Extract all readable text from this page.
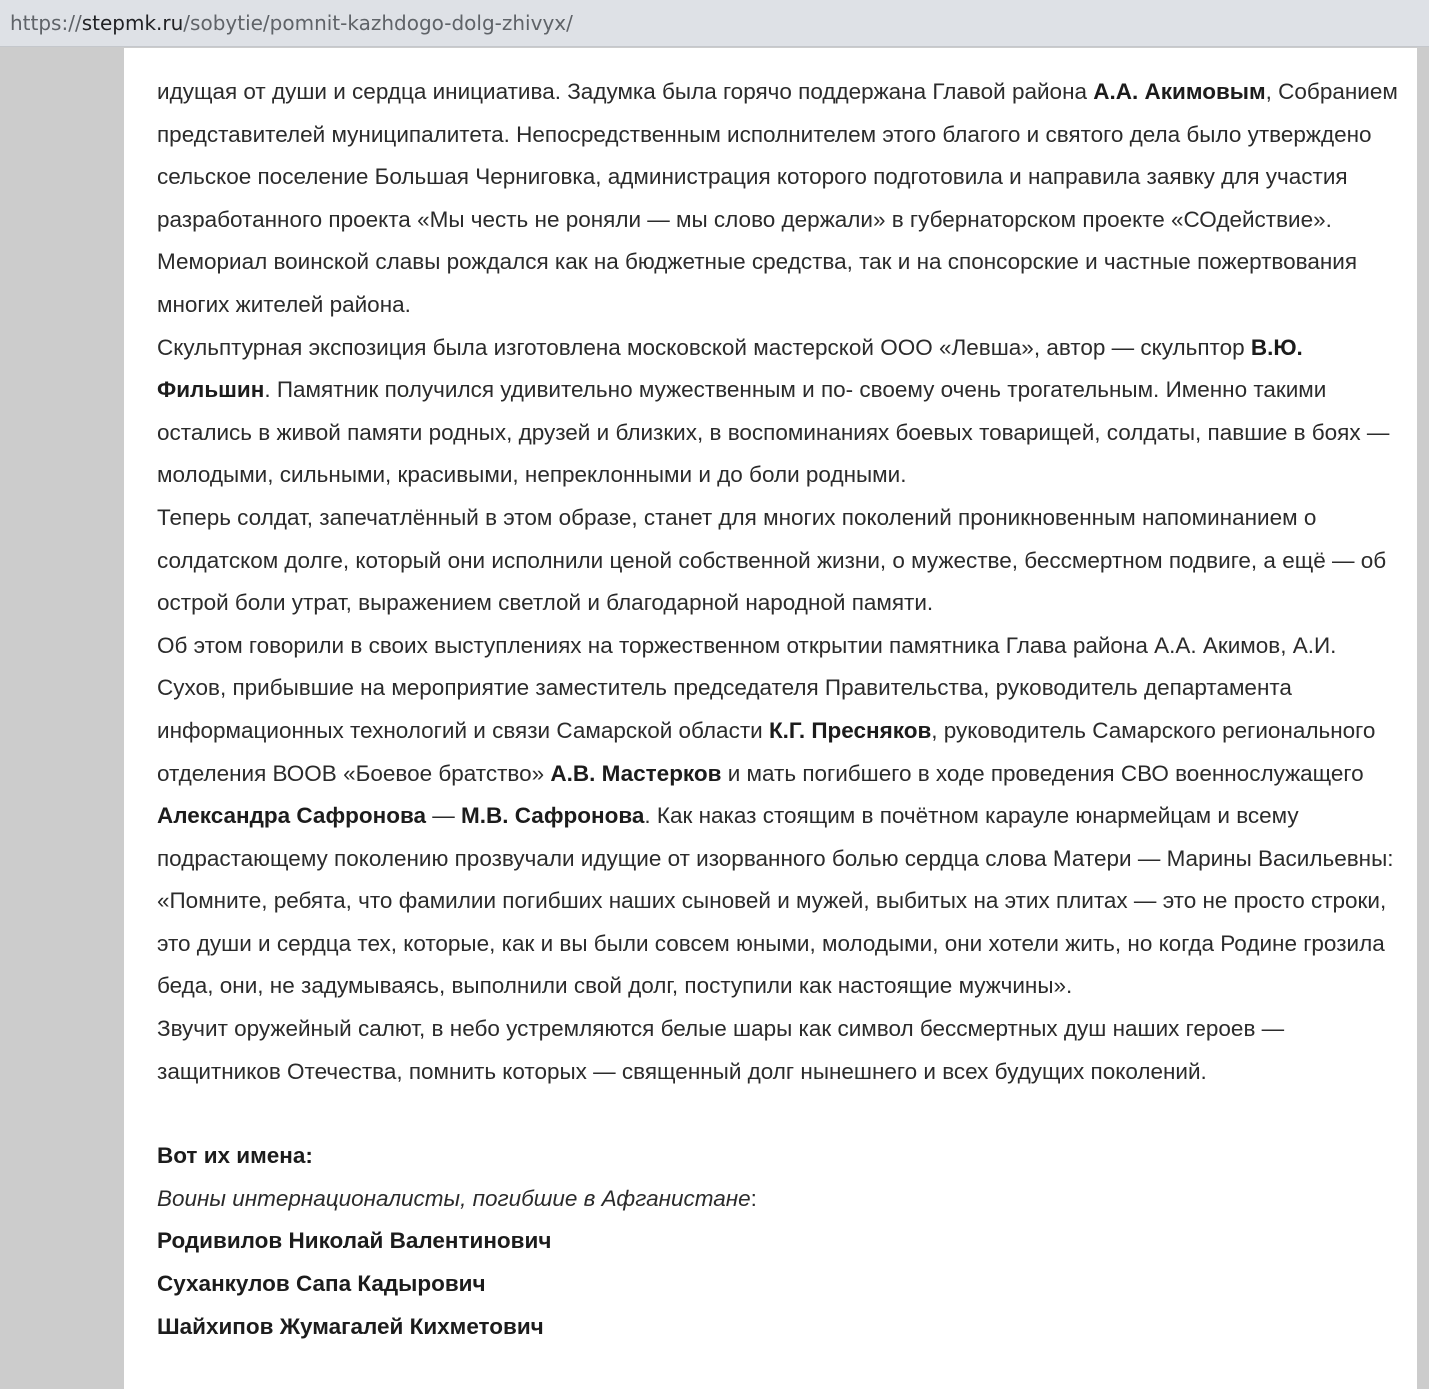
https://stepmk.ru/sobytie/pomnit-kazhdogo-dolg-zhivyx/

идущая от души и сердца инициатива. Задумка была горячо поддержана Главой района А.А. Акимовым, Собранием представителей муниципалитета. Непосредственным исполнителем этого благого и святого дела было утверждено сельское поселение Большая Черниговка, администрация которого подготовила и направила заявку для участия разработанного проекта «Мы честь не роняли — мы слово держали» в губернаторском проекте «СОдействие». Мемориал воинской славы рождался как на бюджетные средства, так и на спонсорские и частные пожертвования многих жителей района.

Скульптурная экспозиция была изготовлена московской мастерской ООО «Левша», автор — скульптор В.Ю. Фильшин. Памятник получился удивительно мужественным и по- своему очень трогательным. Именно такими остались в живой памяти родных, друзей и близких, в воспоминаниях боевых товарищей, солдаты, павшие в боях — молодыми, сильными, красивыми, непреклонными и до боли родными.

Теперь солдат, запечатлённый в этом образе, станет для многих поколений проникновенным напоминанием о солдатском долге, который они исполнили ценой собственной жизни, о мужестве, бессмертном подвиге, а ещё — об острой боли утрат, выражением светлой и благодарной народной памяти.

Об этом говорили в своих выступлениях на торжественном открытии памятника Глава района А.А. Акимов, А.И. Сухов, прибывшие на мероприятие заместитель председателя Правительства, руководитель департамента информационных технологий и связи Самарской области К.Г. Пресняков, руководитель Самарского регионального отделения ВООВ «Боевое братство» А.В. Мастерков и мать погибшего в ходе проведения СВО военнослужащего Александра Сафронова — М.В. Сафронова. Как наказ стоящим в почётном карауле юнармейцам и всему подрастающему поколению прозвучали идущие от изорванного болью сердца слова Матери — Марины Васильевны: «Помните, ребята, что фамилии погибших наших сыновей и мужей, выбитых на этих плитах — это не просто строки, это души и сердца тех, которые, как и вы были совсем юными, молодыми, они хотели жить, но когда Родине грозила беда, они, не задумываясь, выполнили свой долг, поступили как настоящие мужчины».

Звучит оружейный салют, в небо устремляются белые шары как символ бессмертных душ наших героев — защитников Отечества, помнить которых — священный долг нынешнего и всех будущих поколений.

Вот их имена:

Воины интернационалисты, погибшие в Афганистане:

Родивилов Николай Валентинович

Суханкулов Сапа Кадырович

Шайхипов Жумагалей Кихметович
